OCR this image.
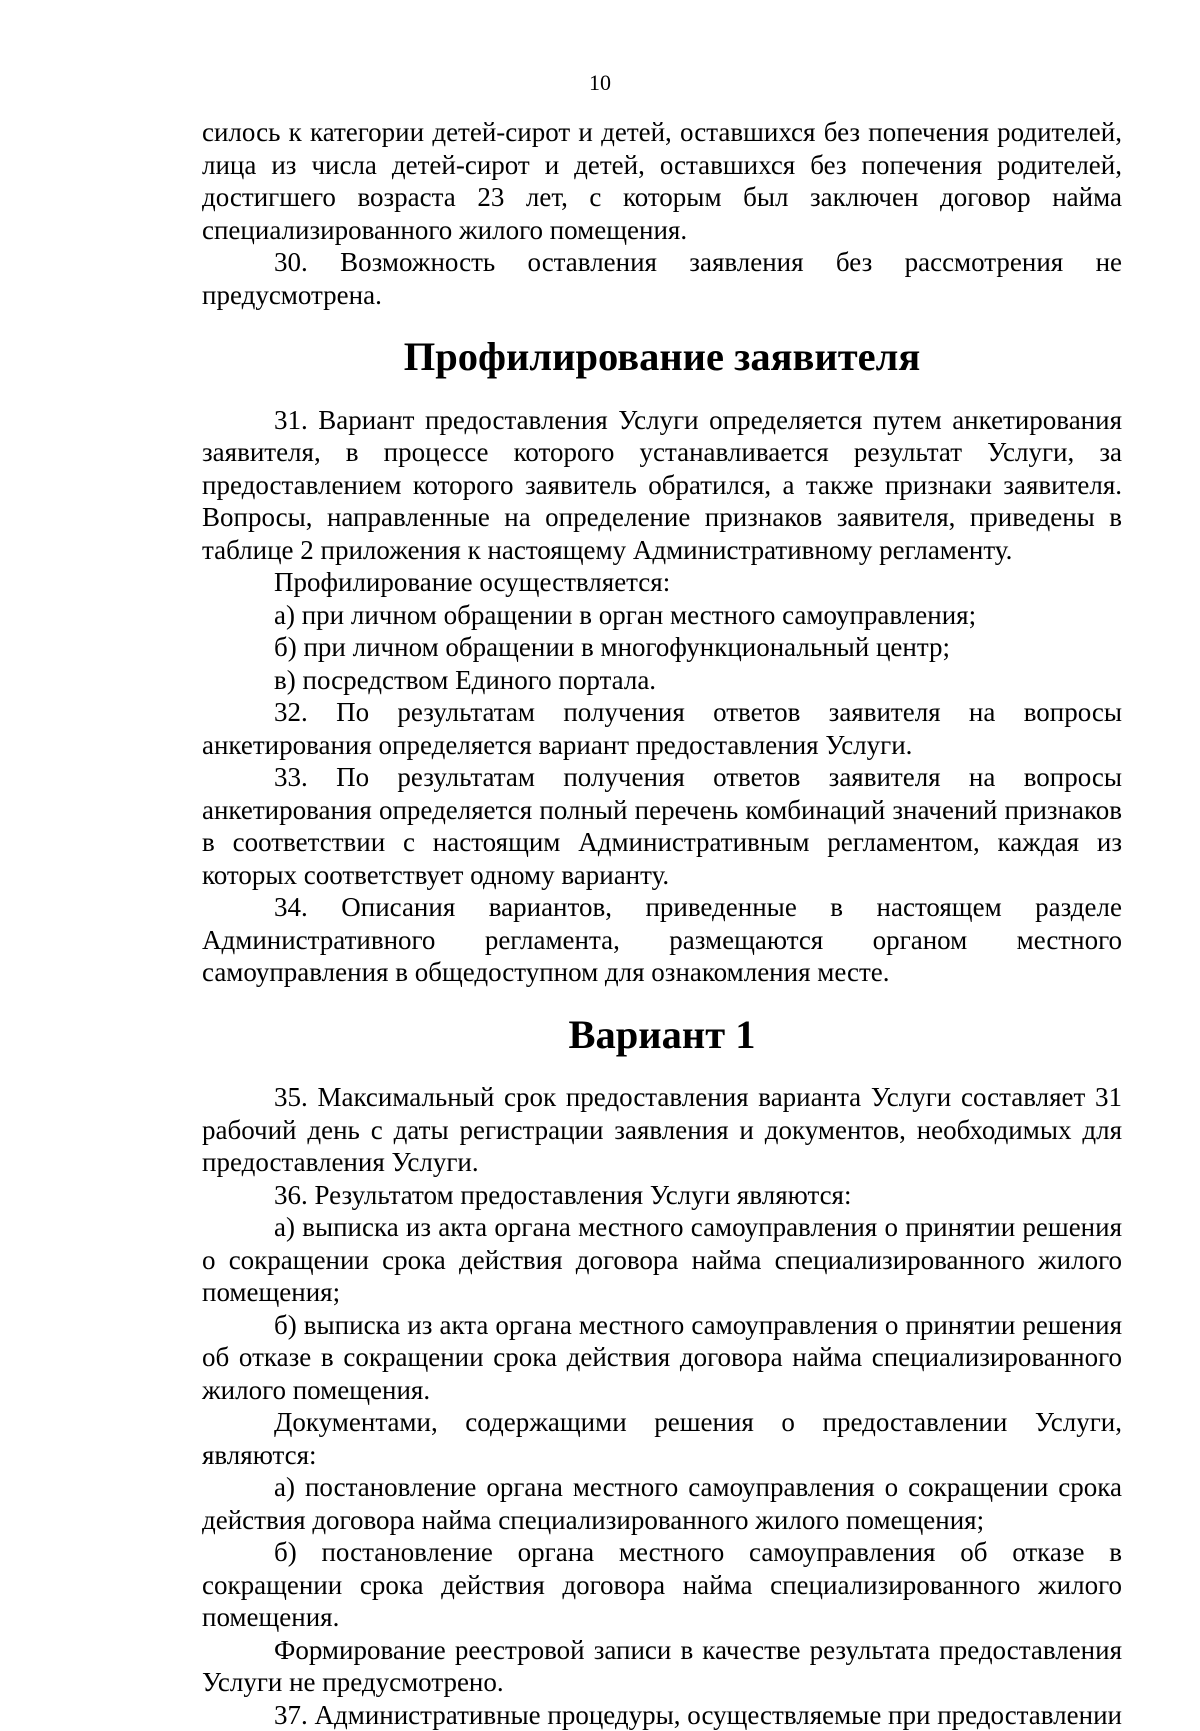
10

силось к категории детей-сирот и детей, оставшихся без попечения родителей, лица из числа детей-сирот и детей, оставшихся без попечения родителей, достигшего возраста 23 лет, с которым был заключен договор найма специализированного жилого помещения.

30. Возможность оставления заявления без рассмотрения не предусмотрена.

Профилирование заявителя

31. Вариант предоставления Услуги определяется путем анкетирования заявителя, в процессе которого устанавливается результат Услуги, за предоставлением которого заявитель обратился, а также признаки заявителя. Вопросы, направленные на определение признаков заявителя, приведены в таблице 2 приложения к настоящему Административному регламенту.

Профилирование осуществляется:

а) при личном обращении в орган местного самоуправления;

б) при личном обращении в многофункциональный центр;

в) посредством Единого портала.

32. По результатам получения ответов заявителя на вопросы анкетирования определяется вариант предоставления Услуги.

33. По результатам получения ответов заявителя на вопросы анкетирования определяется полный перечень комбинаций значений признаков в соответствии с настоящим Административным регламентом, каждая из которых соответствует одному варианту.

34. Описания вариантов, приведенные в настоящем разделе Административного регламента, размещаются органом местного самоуправления в общедоступном для ознакомления месте.

Вариант 1

35. Максимальный срок предоставления варианта Услуги составляет 31 рабочий день с даты регистрации заявления и документов, необходимых для предоставления Услуги.

36. Результатом предоставления Услуги являются:

а) выписка из акта органа местного самоуправления о принятии решения о сокращении срока действия договора найма специализированного жилого помещения;

б) выписка из акта органа местного самоуправления о принятии решения об отказе в сокращении срока действия договора найма специализированного жилого помещения.

Документами, содержащими решения о предоставлении Услуги, являются:

а) постановление органа местного самоуправления о сокращении срока действия договора найма специализированного жилого помещения;

б) постановление органа местного самоуправления об отказе в сокращении срока действия договора найма специализированного жилого помещения.

Формирование реестровой записи в качестве результата предоставления Услуги не предусмотрено.

37. Административные процедуры, осуществляемые при предоставлении
